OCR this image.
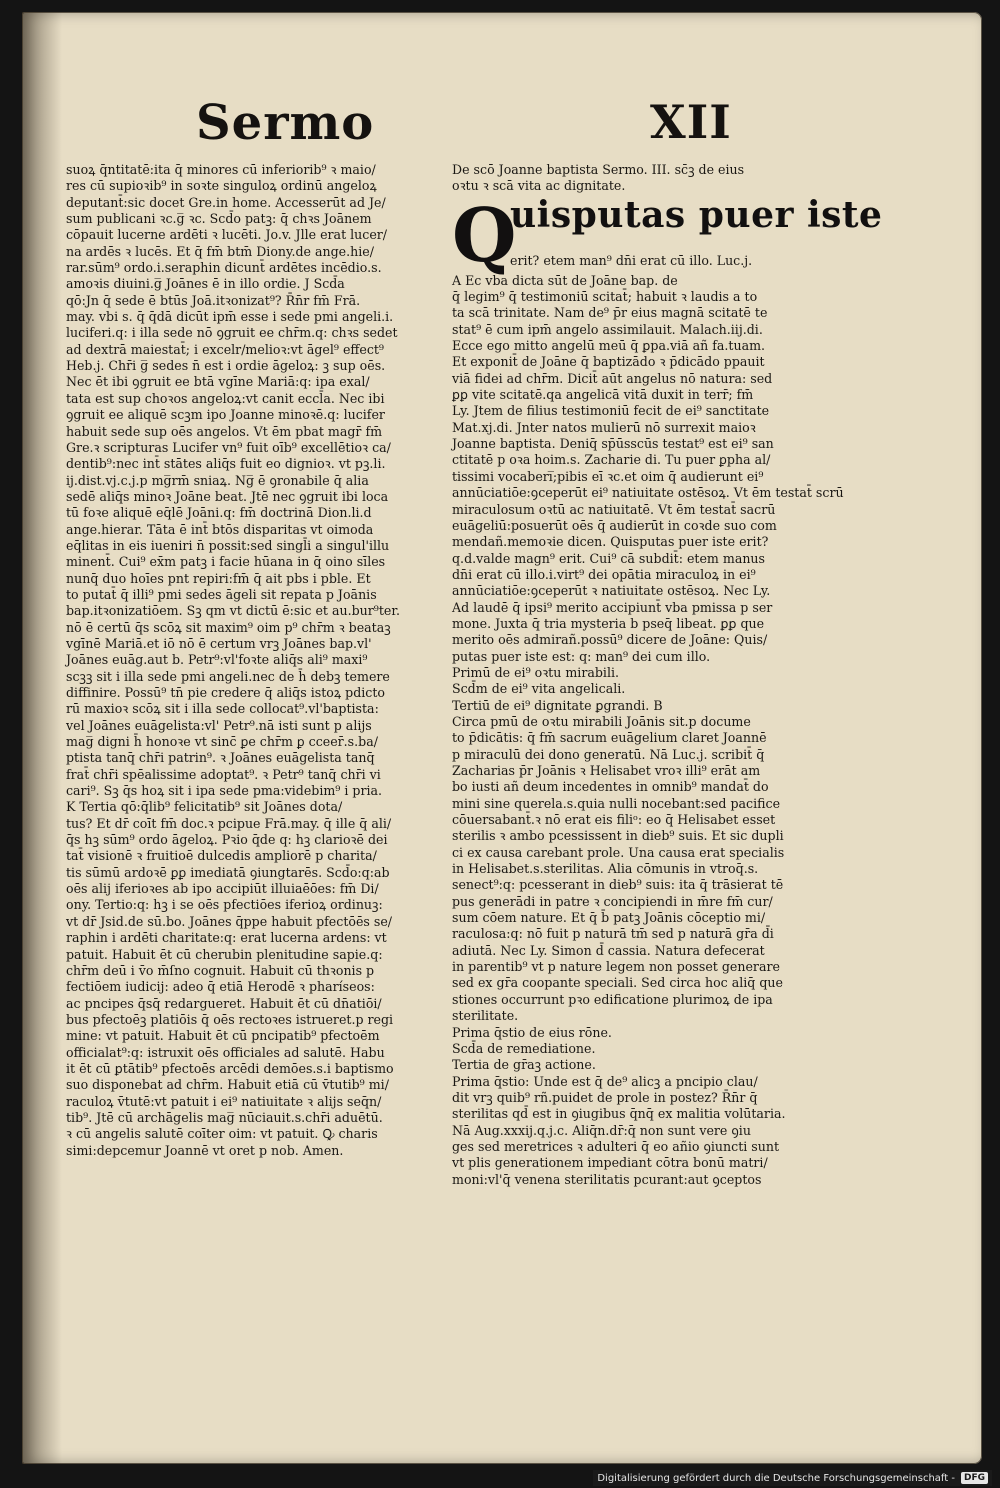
Sermo	XII
suoꝝ q̄ntitatē:ita q̄ minores cū inferiorib⁹ ꝛ maio/
res cū supioꝛib⁹ in soꝛte singuloꝝ ordinū angeloꝝ
deputant̄:sic docet Gre.in home. Accesserūt ad Je/
sum publicani ꝛc.g̅ ꝛc. Scd̄o patꝫ: q̄ chꝛs Joānem
cōpauit lucerne ardēti ꝛ lucēti. Jo.v. Jlle erat lucer/
na ardēs ꝛ lucēs. Et q̄ fm̄ btm̄ Diony.de ange.hie/
rar.sūm⁹ ordo.i.seraphin dicunt̄ ardētes incēdio.s.
amoꝛis diuini.g̅ Joānes ē in illo ordie. J Scd̄a
qō:Jn q̄ sede ē btūs Joā.itꝛonizat⁹? R̄n̄r fm̄ Frā.
may. vbi s. q̄ q̄dā dicūt ipm̄ esse i sede pmi angeli.i.
luciferi.q: i illa sede nō ꝯgruit ee chr̄m.q: chꝛs sedet
ad dextrā maiestat̄; i excelr/melioꝛ:vt āgel⁹ effect⁹
Heb.j. Chr̄i g̅ sedes n̄ est i ordie āgeloꝝ: ꝫ sup oēs.
Nec ēt ibi ꝯgruit ee btā vgīne Mariā:q: ipa exal/
tata est sup choꝛos angeloꝝ:vt canit eccl̄a. Nec ibi
ꝯgruit ee aliquē scꝫm ipo Joanne minoꝛē.q: lucifer
habuit sede sup oēs angelos. Vt ēm pbat magr̄ fm̄
Gre.ꝛ scripturas Lucifer vn⁹ fuit oīb⁹ excellētioꝛ ca/
dentib⁹:nec int̄ stātes aliq̄s fuit eo dignioꝛ. vt pꝫ.li.
ij.dist.vj.c.j.p mg̅rm̄ sniaꝝ. Ng̅ ē ꝯronabile q̄ alia
sedē aliq̄s minoꝛ Joāne beat. Jtē nec ꝯgruit ibi loca
tū foꝛe aliquē eq̄lē Joāni.q: fm̄ doctrinā Dion.li.d
ange.hierar. Tāta ē int̄ btōs disparitas vt oimoda
eq̄litas in eis iueniri n̄ possit:sed singl̄i a singul'illu
minent̄. Cui⁹ ex̄m patꝫ i facie hūana in q̄ oino sīles
nunq̄ duo hoīes pnt repiri:fm̄ q̄ ait pbs i pble. Et
to putat̄ q̄ illi⁹ pmi sedes āgeli sit repata p Joānis
bap.itꝛonizatiōem. Sꝫ qm vt dictū ē:sic et au.bur⁹ter.
nō ē certū q̄s scōꝝ sit maxim⁹ oim p⁹ chr̄m ꝛ beataꝫ
vgīnē Mariā.et iō nō ē certum vrꝫ Joānes bap.vl'
Joānes euāg.aut b. Petr⁹:vl'foꝛte aliq̄s ali⁹ maxi⁹
scꝫꝫ sit i illa sede pmi angeli.nec de h̄ debꝫ temere
diffinire. Possū⁹ tn̄ pie credere q̄ aliq̄s istoꝝ pdicto
rū maxioꝛ scōꝝ sit i illa sede collocat⁹.vl'baptista:
vel Joānes euāgelista:vl' Petr⁹.nā isti sunt p alijs
mag̅ digni h̄ honoꝛe vt sinc̄ ꝑe chr̄m ꝑ cceer̄.s.ba/
ptista tanq̄ chr̄i patrin⁹. ꝛ Joānes euāgelista tanq̄
frat̄ chr̄i spēalissime adoptat⁹. ꝛ Petr⁹ tanq̄ chr̄i vi
cari⁹. Sꝫ q̄s hoꝝ sit i ipa sede pma:videbim⁹ i pria.
K Tertia qō:q̄lib⁹ felicitatib⁹ sit Joānes dota/
tus? Et dr̄ coīt fm̄ doc.ꝛ pcipue Frā.may. q̄ ille q̄ ali/
q̄s hꝫ sūm⁹ ordo āgeloꝝ. Pꝛio q̄de q: hꝫ clarioꝛē dei
tat̄ visionē ꝛ fruitioē dulcedis ampliorē p charita/
tis sūmū ardoꝛē ꝑꝑ imediatā ꝯiungtarēs. Scd̄o:q:ab
oēs alij iferioꝛes ab ipo accipiūt illuiaēōes: fm̄ Di/
ony. Tertio:q: hꝫ i se oēs pfectiōes iferioꝝ ordinuꝫ:
vt dr̄ Jsid.de sū.bo. Joānes q̄ppe habuit pfectōēs se/
raphin i ardēti charitate:q: erat lucerna ardens: vt
patuit. Habuit ēt cū cherubin plenitudine sapie.q:
chr̄m deū i v̄o m̄ſno cognuit. Habuit cū thꝛonis p
fectiōem iudicij: adeo q̄ etiā Herodē ꝛ pharíseos:
ac pncipes q̄sq̄ redargueret. Habuit ēt cū dn̄atiōi/
bus pfectoēꝫ platiōis q̄ oēs rectoꝛes istrueret.p regi
mine: vt patuit. Habuit ēt cū pncipatib⁹ pfectoēm
officialat⁹:q: istruxit oēs officiales ad salutē. Habu
it ēt cū ꝑtātib⁹ pfectoēs arcēdi demōes.s.i baptismo
suo disponebat ad chr̄m. Habuit etiā cū v̄tutib⁹ mi/
raculoꝝ v̄tutē:vt patuit i ei⁹ natiuitate ꝛ alijs seq̄n/
tib⁹. Jtē cū archāgelis mag̅ nūciauit.s.chr̄i aduētū.
ꝛ cū angelis salutē coīter oim: vt patuit. Ꝙ charis
simi:depcemur Joannē vt oret p nob. Amen.
De scō Joanne baptista Sermo. III. sc̄ꝫ de eius
oꝛtu ꝛ scā vita ac dignitate.
Q
uisputas puer iste
erit? etem man⁹ dn̄i erat cū illo. Luc.j.
A Ec vba dicta sūt de Joāne bap. de
q̄ legim⁹ q̄ testimoniū scitat̄; habuit ꝛ laudis a to
ta scā trinitate. Nam de⁹ p̄r eius magnā scitatē te
stat⁹ ē cum ipm̄ angelo assimilauit. Malach.iij.di.
Ecce ego mitto angelū meū q̄ ꝑpa.viā añ fa.tuam.
Et exponit̄ de Joāne q̄ baptizādo ꝛ p̄dicādo ppauit
viā fidei ad chr̄m. Dicit̄ aūt angelus nō natura: sed
ꝑꝑ vite scitatē.qa angelicā vitā duxit in terr̄; fm̄
Ly. Jtem de filius testimoniū fecit de ei⁹ sanctitate
Mat.xj.di. Jnter natos mulierū nō surrexit maioꝛ
Joanne baptista. Deniq̄ sp̄ūsscūs testat⁹ est ei⁹ san
ctitatē p oꝛa hoim.s. Zacharie di. Tu puer ꝑpha al/
tissimi vocaberi̅;pibis eī ꝛc.et oim q̄ audierunt ei⁹
annūciatiōe:ꝯceperūt ei⁹ natiuitate ostēsoꝝ. Vt ēm testat̄ scrū
miraculosum oꝛtū ac natiuitatē. Vt ēm testat̄ sacrū
euāgeliū:posuerūt oēs q̄ audierūt in coꝛde suo com
mendañ.memoꝛie dicen. Quisputas puer iste erit?
q.d.valde magn⁹ erit. Cui⁹ cā subdit̄: etem manus
dn̄i erat cū illo.i.virt⁹ dei opātia miraculoꝝ in ei⁹
annūciatiōe:ꝯceperūt ꝛ natiuitate ostēsoꝝ. Nec Ly.
Ad laudē q̄ ipsi⁹ merito accipiunt̄ vba pmissa p ser
mone. Juxta q̄ tria mysteria b pseq̄ libeat. ꝑꝑ que
merito oēs admirañ.possū⁹ dicere de Joāne: Quis/
putas puer iste est: q: man⁹ dei cum illo.
Primū de ei⁹ oꝛtu mirabili.
Scd̄m de ei⁹ vita angelicali.
Tertiū de ei⁹ dignitate ꝑgrandi. B
Circa pmū de oꝛtu mirabili Joānis sit.p docume
to p̄dicātis: q̄ fm̄ sacrum euāgelium claret Joannē
p miraculū dei dono generatū. Nā Luc.j. scribit̄ q̄
Zacharias p̄r Joānis ꝛ Helisabet vroꝛ illi⁹ erāt am
bo iusti añ deum incedentes in omnib⁹ mandat̄ do
mini sine querela.s.quia nulli nocebant:sed pacifice
cōuersabant̄.ꝛ nō erat eis filiᵒ: eo q̄ Helisabet esset
sterilis ꝛ ambo pcessissent in dieb⁹ suis. Et sic dupli
ci ex causa carebant prole. Una causa erat specialis
in Helisabet.s.sterilitas. Alia cōmunis in vtroq̄.s.
senect⁹:q: pcesserant in dieb⁹ suis: ita q̄ trāsierat tē
pus generādi in patre ꝛ concipiendi in m̄re fm̄ cur/
sum cōem nature. Et q̄ b̄ patꝫ Joānis cōceptio mi/
raculosa:q: nō fuit p naturā tm̄ sed p naturā gr̄a d̄i
adiutā. Nec Ly. Simon d̄ cassia. Natura defecerat
in parentib⁹ vt p nature legem non posset generare
sed ex gr̄a coopante speciali. Sed circa hoc aliq̄ que
stiones occurrunt pꝛo edificatione plurimoꝝ de ipa
sterilitate.
Prima q̄stio de eius rōne.
Scd̄a de remediatione.
Tertia de gr̄aꝫ actione.
Prima q̄stio: Unde est q̄ de⁹ alicꝫ a pncipio clau/
dit vrꝫ quib⁹ rñ.puidet de prole in postez? R̄n̄r q̄
sterilitas qd̄ est in ꝯiugibus q̄nq̄ ex malitia volūtaria.
Nā Aug.xxxij.q.j.c. Aliq̄n.dr̄:q̄ non sunt vere ꝯiu
ges sed meretrices ꝛ adulteri q̄ eo añio ꝯiuncti sunt
vt plis generationem impediant cōtra bonū matri/
moni:vl'q̄ venena sterilitatis pcurant:aut ꝯceptos
Digitalisierung gefördert durch die Deutsche Forschungsgemeinschaft -	DFG
